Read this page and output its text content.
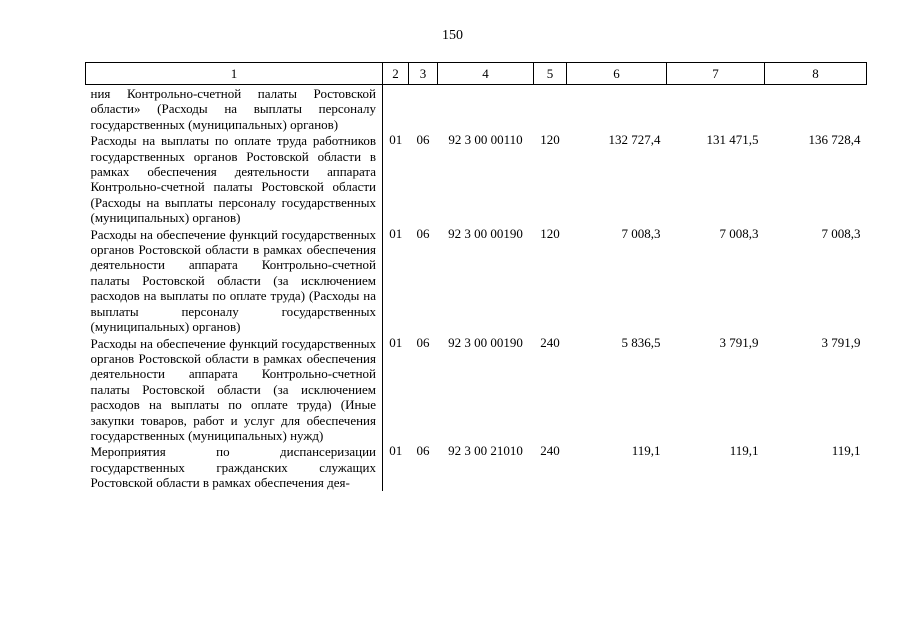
150
1	2	3	4	5	6	7	8
ния Контрольно-счетной палаты Ростовской области» (Расходы на выплаты персоналу государственных (муниципальных) органов)							
Расходы на выплаты по оплате труда работников государственных органов Ростовской области в рамках обеспечения деятельности аппарата Контрольно-счетной палаты Ростовской области (Расходы на выплаты персоналу государственных (муниципальных) органов)	01	06	92 3 00 00110	120	132 727,4	131 471,5	136 728,4
Расходы на обеспечение функций государственных органов Ростовской области в рамках обеспечения деятельности аппарата Контрольно-счетной палаты Ростовской области (за исключением расходов на выплаты по оплате труда) (Расходы на выплаты персоналу государственных (муниципальных) органов)	01	06	92 3 00 00190	120	7 008,3	7 008,3	7 008,3
Расходы на обеспечение функций государственных органов Ростовской области в рамках обеспечения деятельности аппарата Контрольно-счетной палаты Ростовской области (за исключением расходов на выплаты по оплате труда) (Иные закупки товаров, работ и услуг для обеспечения государственных (муниципальных) нужд)	01	06	92 3 00 00190	240	5 836,5	3 791,9	3 791,9
Мероприятия по диспансеризации государственных гражданских служащих Ростовской области в рамках обеспечения дея-	01	06	92 3 00 21010	240	119,1	119,1	119,1
